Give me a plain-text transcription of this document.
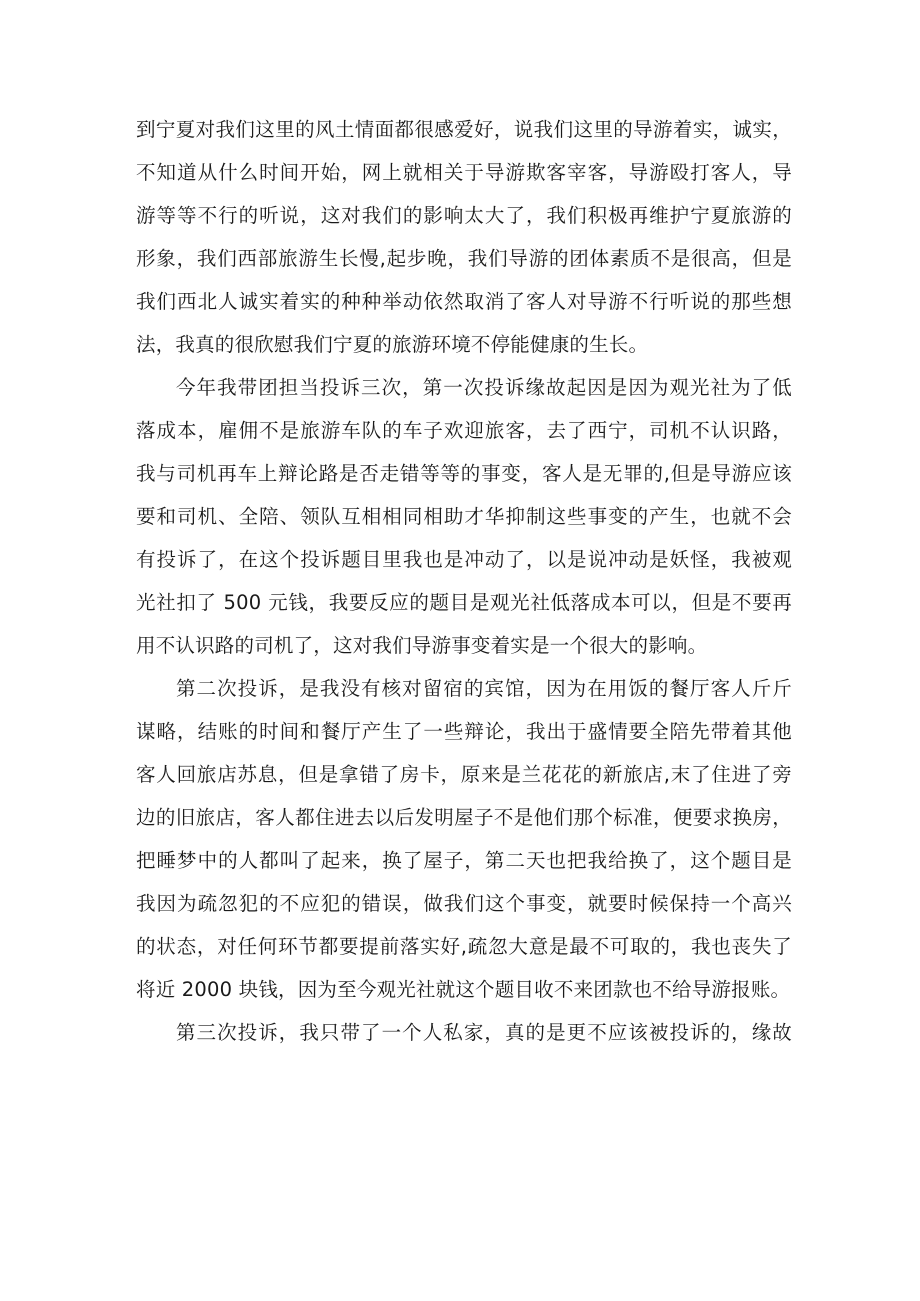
到宁夏对我们这里的风土情面都很感爱好，说我们这里的导游着实，诚实，
不知道从什么时间开始，网上就相关于导游欺客宰客，导游殴打客人，导
游等等不行的听说，这对我们的影响太大了，我们积极再维护宁夏旅游的
形象，我们西部旅游生长慢,起步晚，我们导游的团体素质不是很高，但是
我们西北人诚实着实的种种举动依然取消了客人对导游不行听说的那些想
法，我真的很欣慰我们宁夏的旅游环境不停能健康的生长。
今年我带团担当投诉三次，第一次投诉缘故起因是因为观光社为了低
落成本，雇佣不是旅游车队的车子欢迎旅客，去了西宁，司机不认识路，
我与司机再车上辩论路是否走错等等的事变，客人是无罪的,但是导游应该
要和司机、全陪、领队互相相同相助才华抑制这些事变的产生，也就不会
有投诉了，在这个投诉题目里我也是冲动了，以是说冲动是妖怪，我被观
光社扣了 500 元钱，我要反应的题目是观光社低落成本可以，但是不要再
用不认识路的司机了，这对我们导游事变着实是一个很大的影响。
第二次投诉，是我没有核对留宿的宾馆，因为在用饭的餐厅客人斤斤
谋略，结账的时间和餐厅产生了一些辩论，我出于盛情要全陪先带着其他
客人回旅店苏息，但是拿错了房卡，原来是兰花花的新旅店,末了住进了旁
边的旧旅店，客人都住进去以后发明屋子不是他们那个标准，便要求换房，
把睡梦中的人都叫了起来，换了屋子，第二天也把我给换了，这个题目是
我因为疏忽犯的不应犯的错误，做我们这个事变，就要时候保持一个高兴
的状态，对任何环节都要提前落实好,疏忽大意是最不可取的，我也丧失了
将近 2000 块钱，因为至今观光社就这个题目收不来团款也不给导游报账。
第三次投诉，我只带了一个人私家，真的是更不应该被投诉的，缘故
